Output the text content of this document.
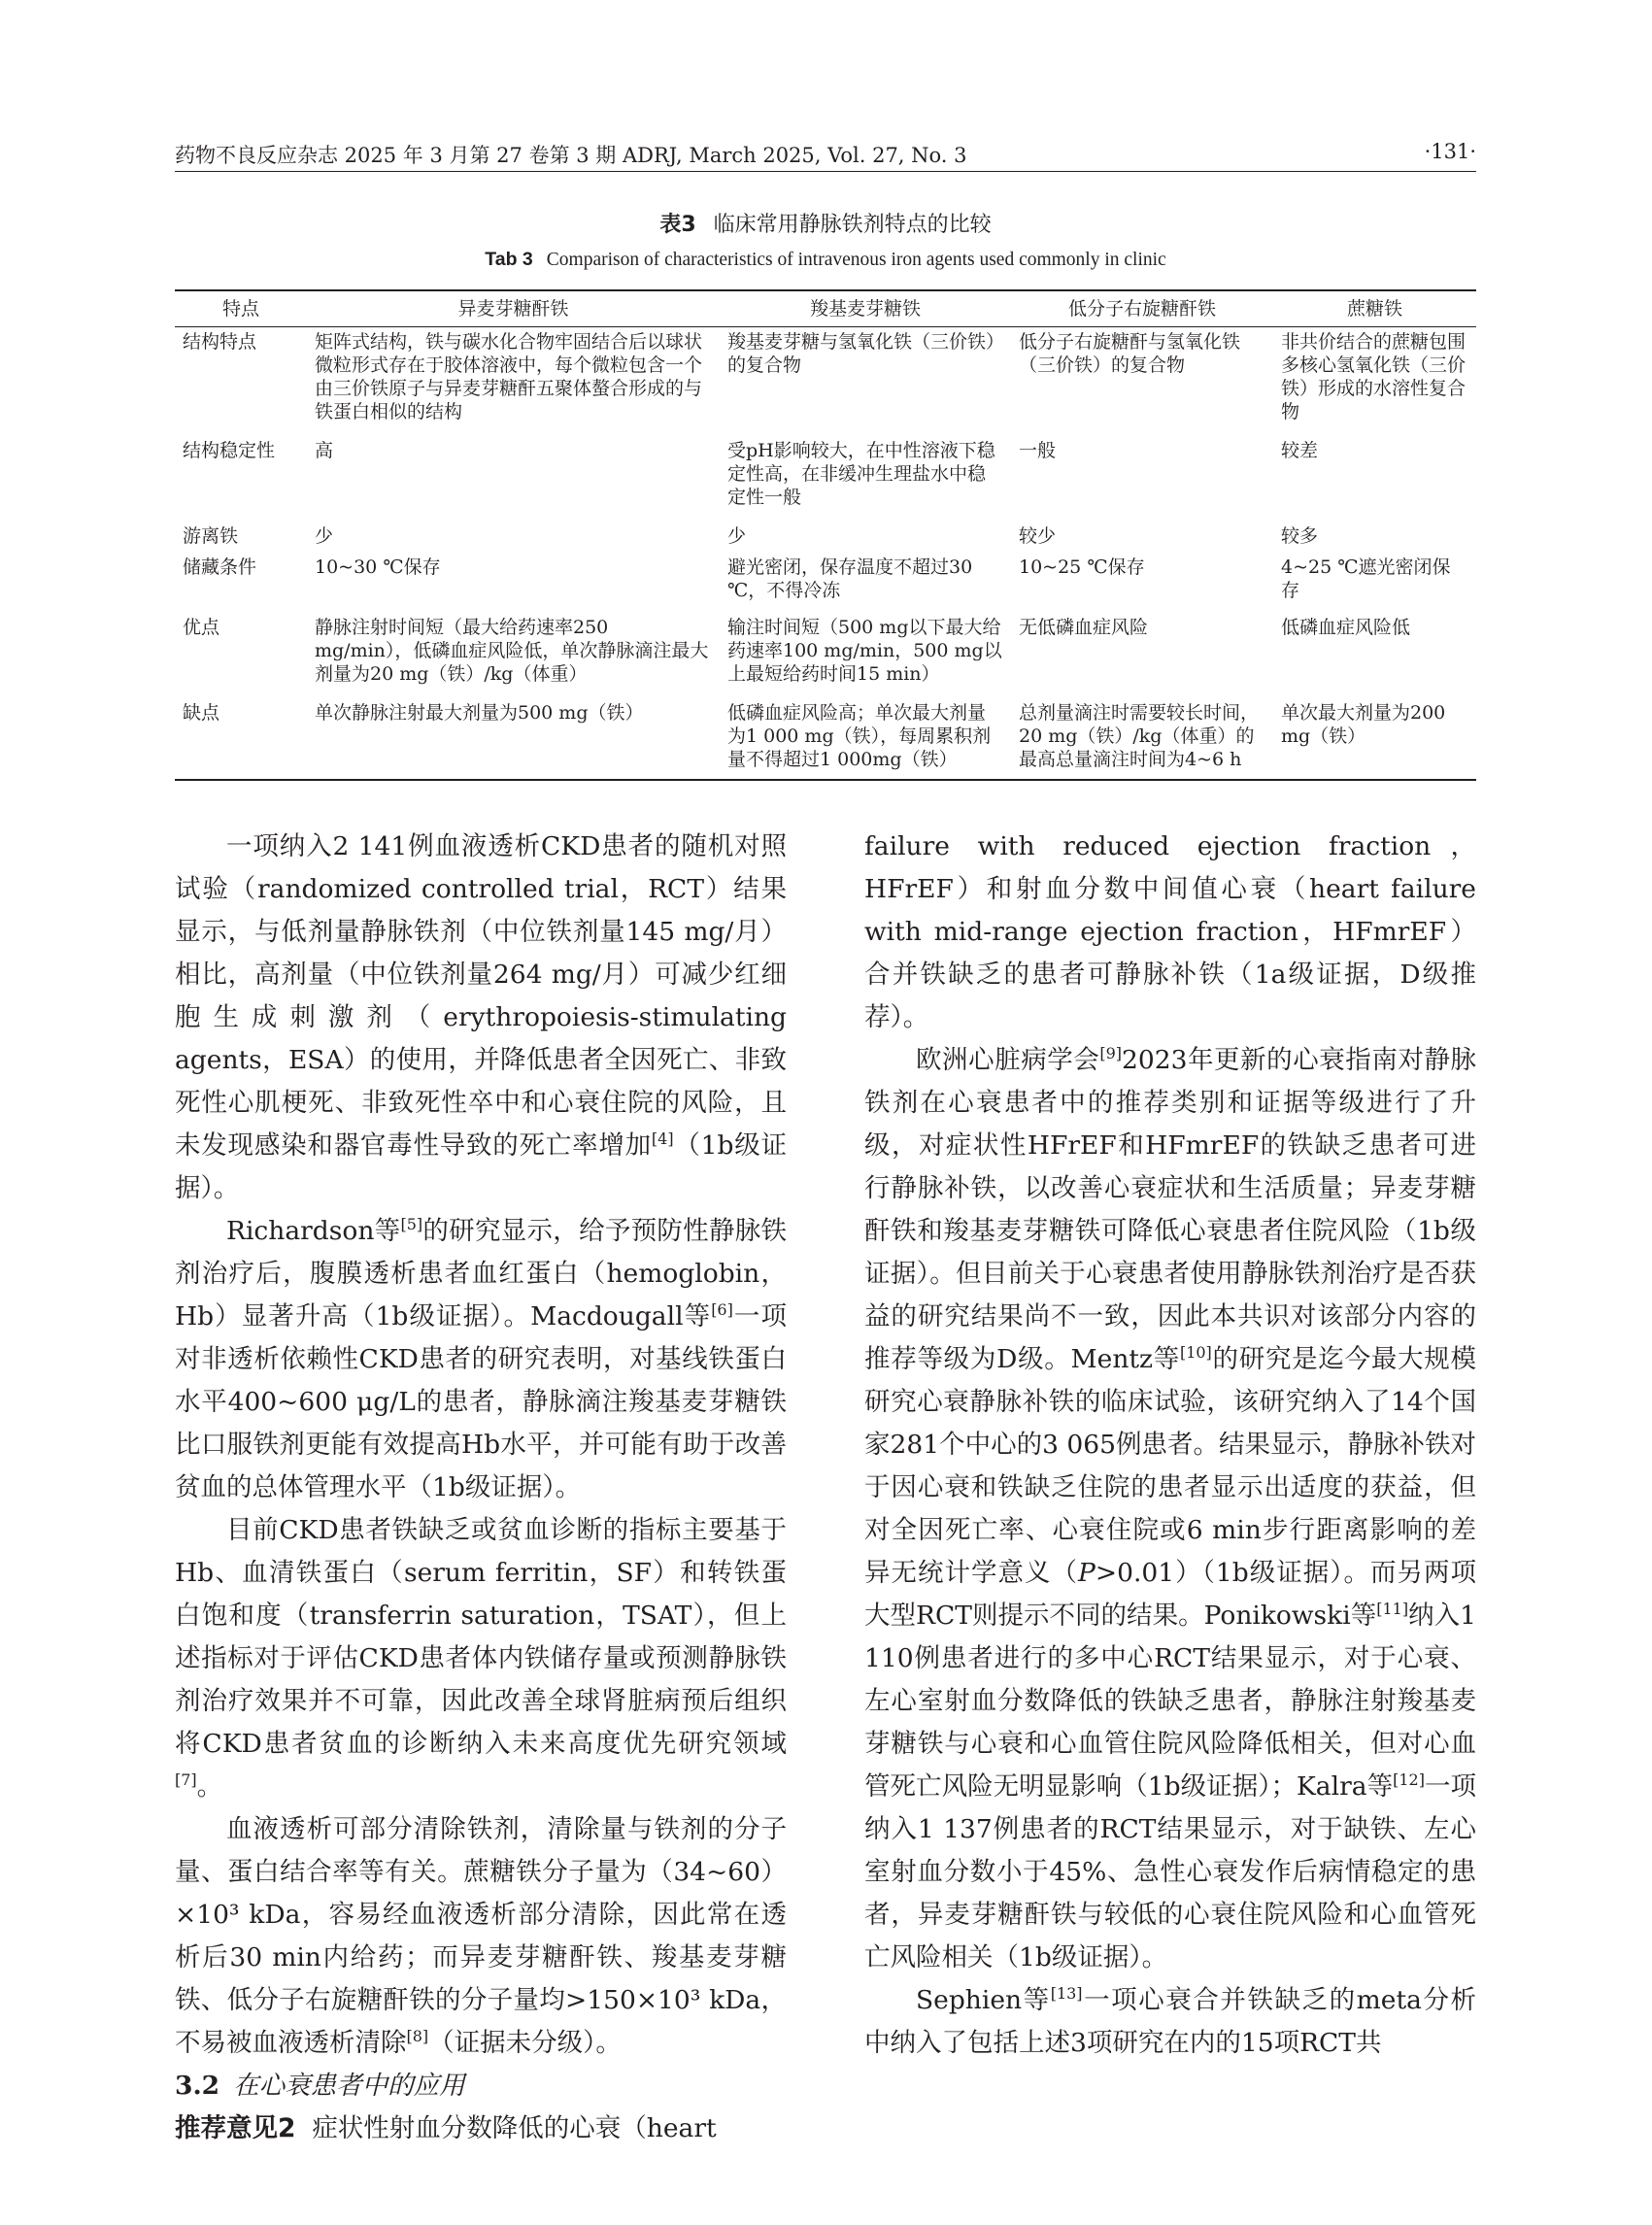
药物不良反应杂志 2025 年 3 月第 27 卷第 3 期 ADRJ, March 2025, Vol. 27, No. 3	·131·
表3 临床常用静脉铁剂特点的比较
Tab 3 Comparison of characteristics of intravenous iron agents used commonly in clinic
特点	异麦芽糖酐铁	羧基麦芽糖铁	低分子右旋糖酐铁	蔗糖铁
结构特点	矩阵式结构，铁与碳水化合物牢固结合后以球状微粒形式存在于胶体溶液中，每个微粒包含一个由三价铁原子与异麦芽糖酐五聚体螯合形成的与铁蛋白相似的结构	羧基麦芽糖与氢氧化铁（三价铁）的复合物	低分子右旋糖酐与氢氧化铁（三价铁）的复合物	非共价结合的蔗糖包围多核心氢氧化铁（三价铁）形成的水溶性复合物
结构稳定性	高	受pH影响较大，在中性溶液下稳定性高，在非缓冲生理盐水中稳定性一般	一般	较差
游离铁	少	少	较少	较多
储藏条件	10~30 ℃保存	避光密闭，保存温度不超过30 ℃，不得冷冻	10~25 ℃保存	4~25 ℃遮光密闭保存
优点	静脉注射时间短（最大给药速率250 mg/min），低磷血症风险低，单次静脉滴注最大剂量为20 mg（铁）/kg（体重）	输注时间短（500 mg以下最大给药速率100 mg/min，500 mg以上最短给药时间15 min）	无低磷血症风险	低磷血症风险低
缺点	单次静脉注射最大剂量为500 mg（铁）	低磷血症风险高；单次最大剂量为1 000 mg（铁），每周累积剂量不得超过1 000mg（铁）	总剂量滴注时需要较长时间，20 mg（铁）/kg（体重）的最高总量滴注时间为4~6 h	单次最大剂量为200 mg（铁）

一项纳入2 141例血液透析CKD患者的随机对照试验（randomized controlled trial，RCT）结果显示，与低剂量静脉铁剂（中位铁剂量145 mg/月）相比，高剂量（中位铁剂量264 mg/月）可减少红细胞生成刺激剂（erythropoiesis-stimulating agents，ESA）的使用，并降低患者全因死亡、非致死性心肌梗死、非致死性卒中和心衰住院的风险，且未发现感染和器官毒性导致的死亡率增加[4]（1b级证据）。

Richardson等[5]的研究显示，给予预防性静脉铁剂治疗后，腹膜透析患者血红蛋白（hemoglobin，Hb）显著升高（1b级证据）。Macdougall等[6]一项对非透析依赖性CKD患者的研究表明，对基线铁蛋白水平400~600 μg/L的患者，静脉滴注羧基麦芽糖铁比口服铁剂更能有效提高Hb水平，并可能有助于改善贫血的总体管理水平（1b级证据）。

目前CKD患者铁缺乏或贫血诊断的指标主要基于Hb、血清铁蛋白（serum ferritin，SF）和转铁蛋白饱和度（transferrin saturation，TSAT），但上述指标对于评估CKD患者体内铁储存量或预测静脉铁剂治疗效果并不可靠，因此改善全球肾脏病预后组织将CKD患者贫血的诊断纳入未来高度优先研究领域[7]。

血液透析可部分清除铁剂，清除量与铁剂的分子量、蛋白结合率等有关。蔗糖铁分子量为（34~60）×10³ kDa，容易经血液透析部分清除，因此常在透析后30 min内给药；而异麦芽糖酐铁、羧基麦芽糖铁、低分子右旋糖酐铁的分子量均>150×10³ kDa，不易被血液透析清除[8]（证据未分级）。

3.2 在心衰患者中的应用

推荐意见2 症状性射血分数降低的心衰（heart

failure with reduced ejection fraction，HFrEF）和射血分数中间值心衰（heart failure with mid-range ejection fraction，HFmrEF）合并铁缺乏的患者可静脉补铁（1a级证据，D级推荐）。

欧洲心脏病学会[9]2023年更新的心衰指南对静脉铁剂在心衰患者中的推荐类别和证据等级进行了升级，对症状性HFrEF和HFmrEF的铁缺乏患者可进行静脉补铁，以改善心衰症状和生活质量；异麦芽糖酐铁和羧基麦芽糖铁可降低心衰患者住院风险（1b级证据）。但目前关于心衰患者使用静脉铁剂治疗是否获益的研究结果尚不一致，因此本共识对该部分内容的推荐等级为D级。Mentz等[10]的研究是迄今最大规模研究心衰静脉补铁的临床试验，该研究纳入了14个国家281个中心的3 065例患者。结果显示，静脉补铁对于因心衰和铁缺乏住院的患者显示出适度的获益，但对全因死亡率、心衰住院或6 min步行距离影响的差异无统计学意义（P>0.01）（1b级证据）。而另两项大型RCT则提示不同的结果。Ponikowski等[11]纳入1 110例患者进行的多中心RCT结果显示，对于心衰、左心室射血分数降低的铁缺乏患者，静脉注射羧基麦芽糖铁与心衰和心血管住院风险降低相关，但对心血管死亡风险无明显影响（1b级证据）；Kalra等[12]一项纳入1 137例患者的RCT结果显示，对于缺铁、左心室射血分数小于45%、急性心衰发作后病情稳定的患者，异麦芽糖酐铁与较低的心衰住院风险和心血管死亡风险相关（1b级证据）。

Sephien等[13]一项心衰合并铁缺乏的meta分析中纳入了包括上述3项研究在内的15项RCT共
